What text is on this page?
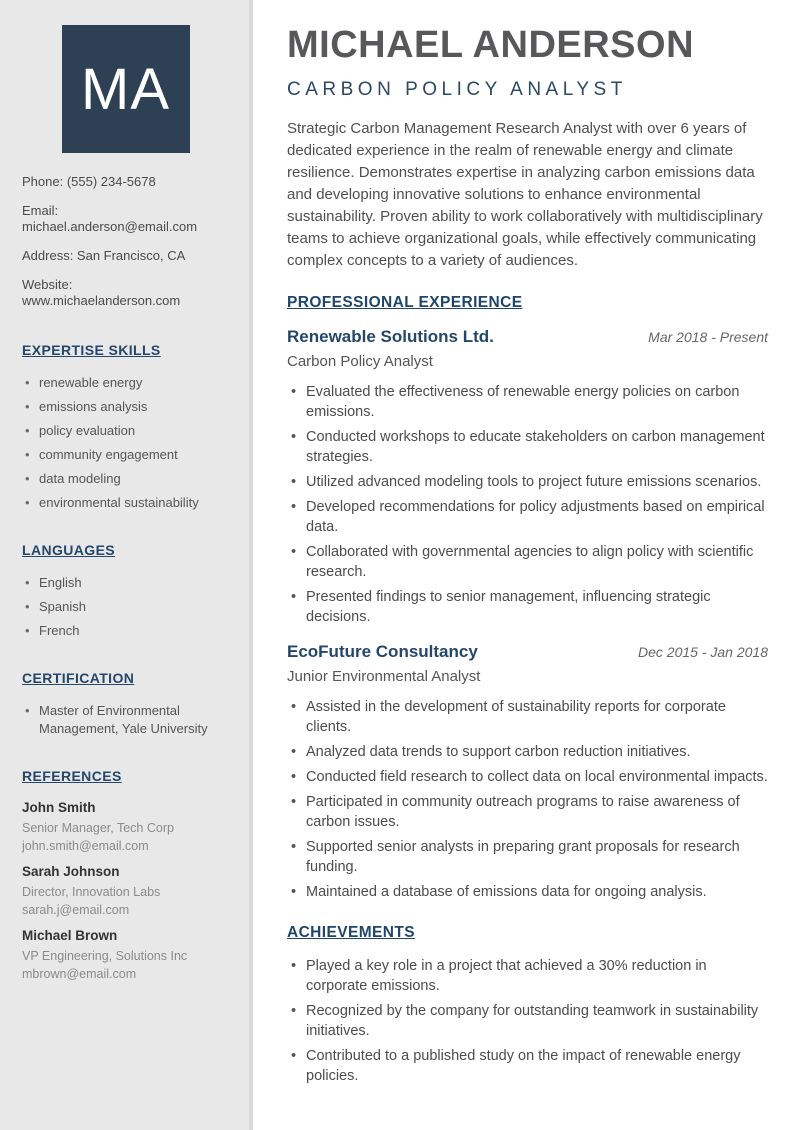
MA
Phone: (555) 234-5678
Email: michael.anderson@email.com
Address: San Francisco, CA
Website: www.michaelanderson.com
EXPERTISE SKILLS
• renewable energy
• emissions analysis
• policy evaluation
• community engagement
• data modeling
• environmental sustainability
LANGUAGES
• English
• Spanish
• French
CERTIFICATION
• Master of Environmental Management, Yale University
REFERENCES
John Smith
Senior Manager, Tech Corp
john.smith@email.com
Sarah Johnson
Director, Innovation Labs
sarah.j@email.com
Michael Brown
VP Engineering, Solutions Inc
mbrown@email.com
MICHAEL ANDERSON
CARBON POLICY ANALYST

Strategic Carbon Management Research Analyst with over 6 years of dedicated experience in the realm of renewable energy and climate resilience. Demonstrates expertise in analyzing carbon emissions data and developing innovative solutions to enhance environmental sustainability. Proven ability to work collaboratively with multidisciplinary teams to achieve organizational goals, while effectively communicating complex concepts to a variety of audiences.

PROFESSIONAL EXPERIENCE
Renewable Solutions Ltd.	Mar 2018 - Present
Carbon Policy Analyst
• Evaluated the effectiveness of renewable energy policies on carbon emissions.
• Conducted workshops to educate stakeholders on carbon management strategies.
• Utilized advanced modeling tools to project future emissions scenarios.
• Developed recommendations for policy adjustments based on empirical data.
• Collaborated with governmental agencies to align policy with scientific research.
• Presented findings to senior management, influencing strategic decisions.
EcoFuture Consultancy	Dec 2015 - Jan 2018
Junior Environmental Analyst
• Assisted in the development of sustainability reports for corporate clients.
• Analyzed data trends to support carbon reduction initiatives.
• Conducted field research to collect data on local environmental impacts.
• Participated in community outreach programs to raise awareness of carbon issues.
• Supported senior analysts in preparing grant proposals for research funding.
• Maintained a database of emissions data for ongoing analysis.
ACHIEVEMENTS
• Played a key role in a project that achieved a 30% reduction in corporate emissions.
• Recognized by the company for outstanding teamwork in sustainability initiatives.
• Contributed to a published study on the impact of renewable energy policies.
